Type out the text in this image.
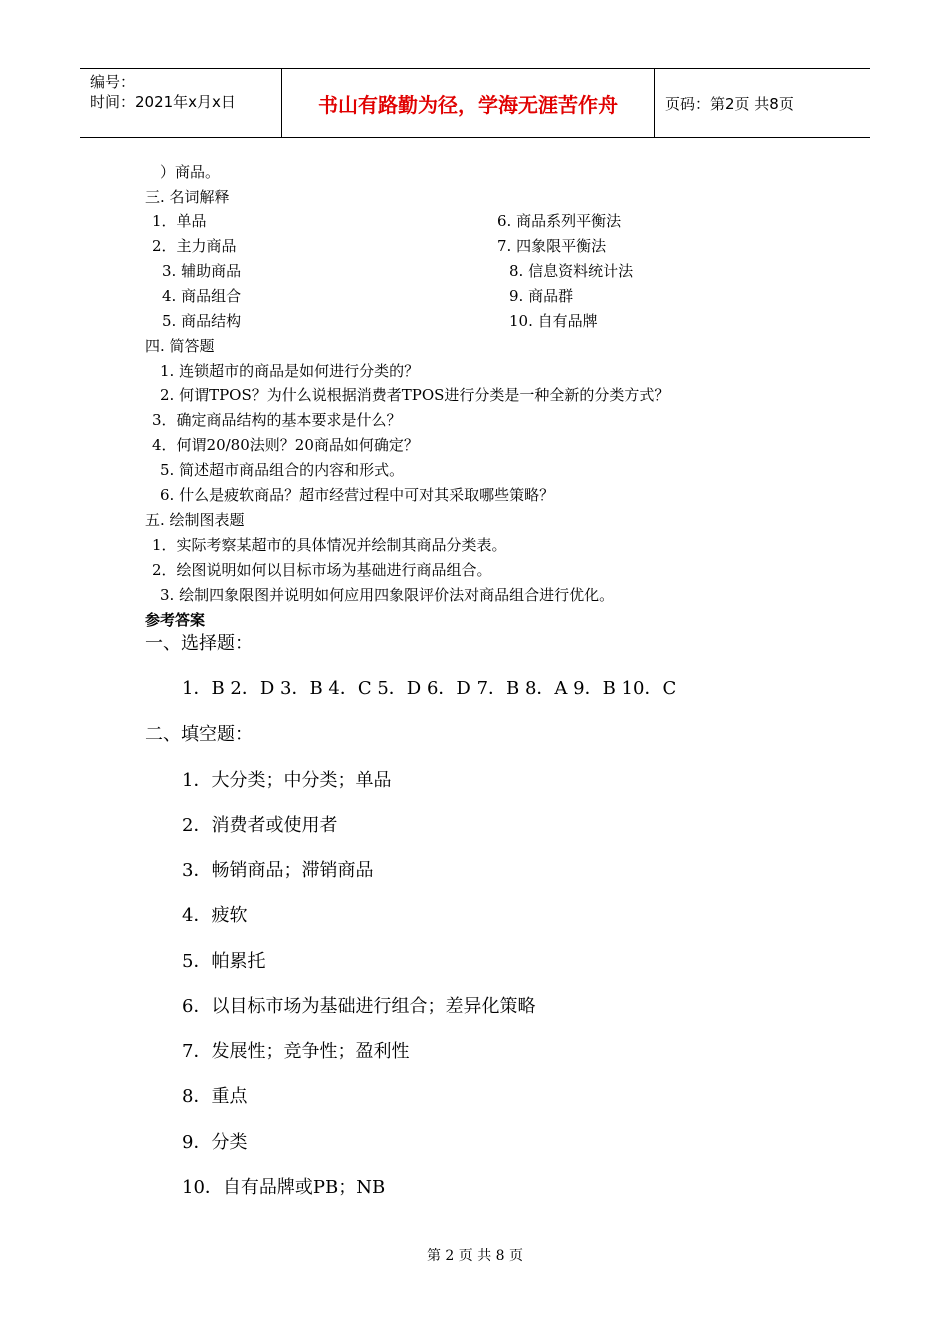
编号：
时间：2021年x月x日	书山有路勤为径，学海无涯苦作舟	页码：第2页 共8页
）商品。
三. 名词解释
1．单品
2．主力商品
3. 辅助商品
4. 商品组合
5. 商品结构
6. 商品系列平衡法
7. 四象限平衡法
8. 信息资料统计法
9. 商品群
10. 自有品牌
四. 简答题
1. 连锁超市的商品是如何进行分类的？
2. 何谓TPOS？为什么说根据消费者TPOS进行分类是一种全新的分类方式？
3．确定商品结构的基本要求是什么？
4．何谓20/80法则？20商品如何确定？
5. 简述超市商品组合的内容和形式。
6. 什么是疲软商品？超市经营过程中可对其采取哪些策略？
五. 绘制图表题
1．实际考察某超市的具体情况并绘制其商品分类表。
2．绘图说明如何以目标市场为基础进行商品组合。
3. 绘制四象限图并说明如何应用四象限评价法对商品组合进行优化。
参考答案
一、选择题：
1．B 2．D 3．B 4．C 5．D 6．D 7．B 8．A 9．B 10．C
二、填空题：
1．大分类；中分类；单品
2．消费者或使用者
3．畅销商品；滞销商品
4．疲软
5．帕累托
6．以目标市场为基础进行组合；差异化策略
7．发展性；竞争性；盈利性
8．重点
9．分类
10．自有品牌或PB；NB
第 2 页 共 8 页
